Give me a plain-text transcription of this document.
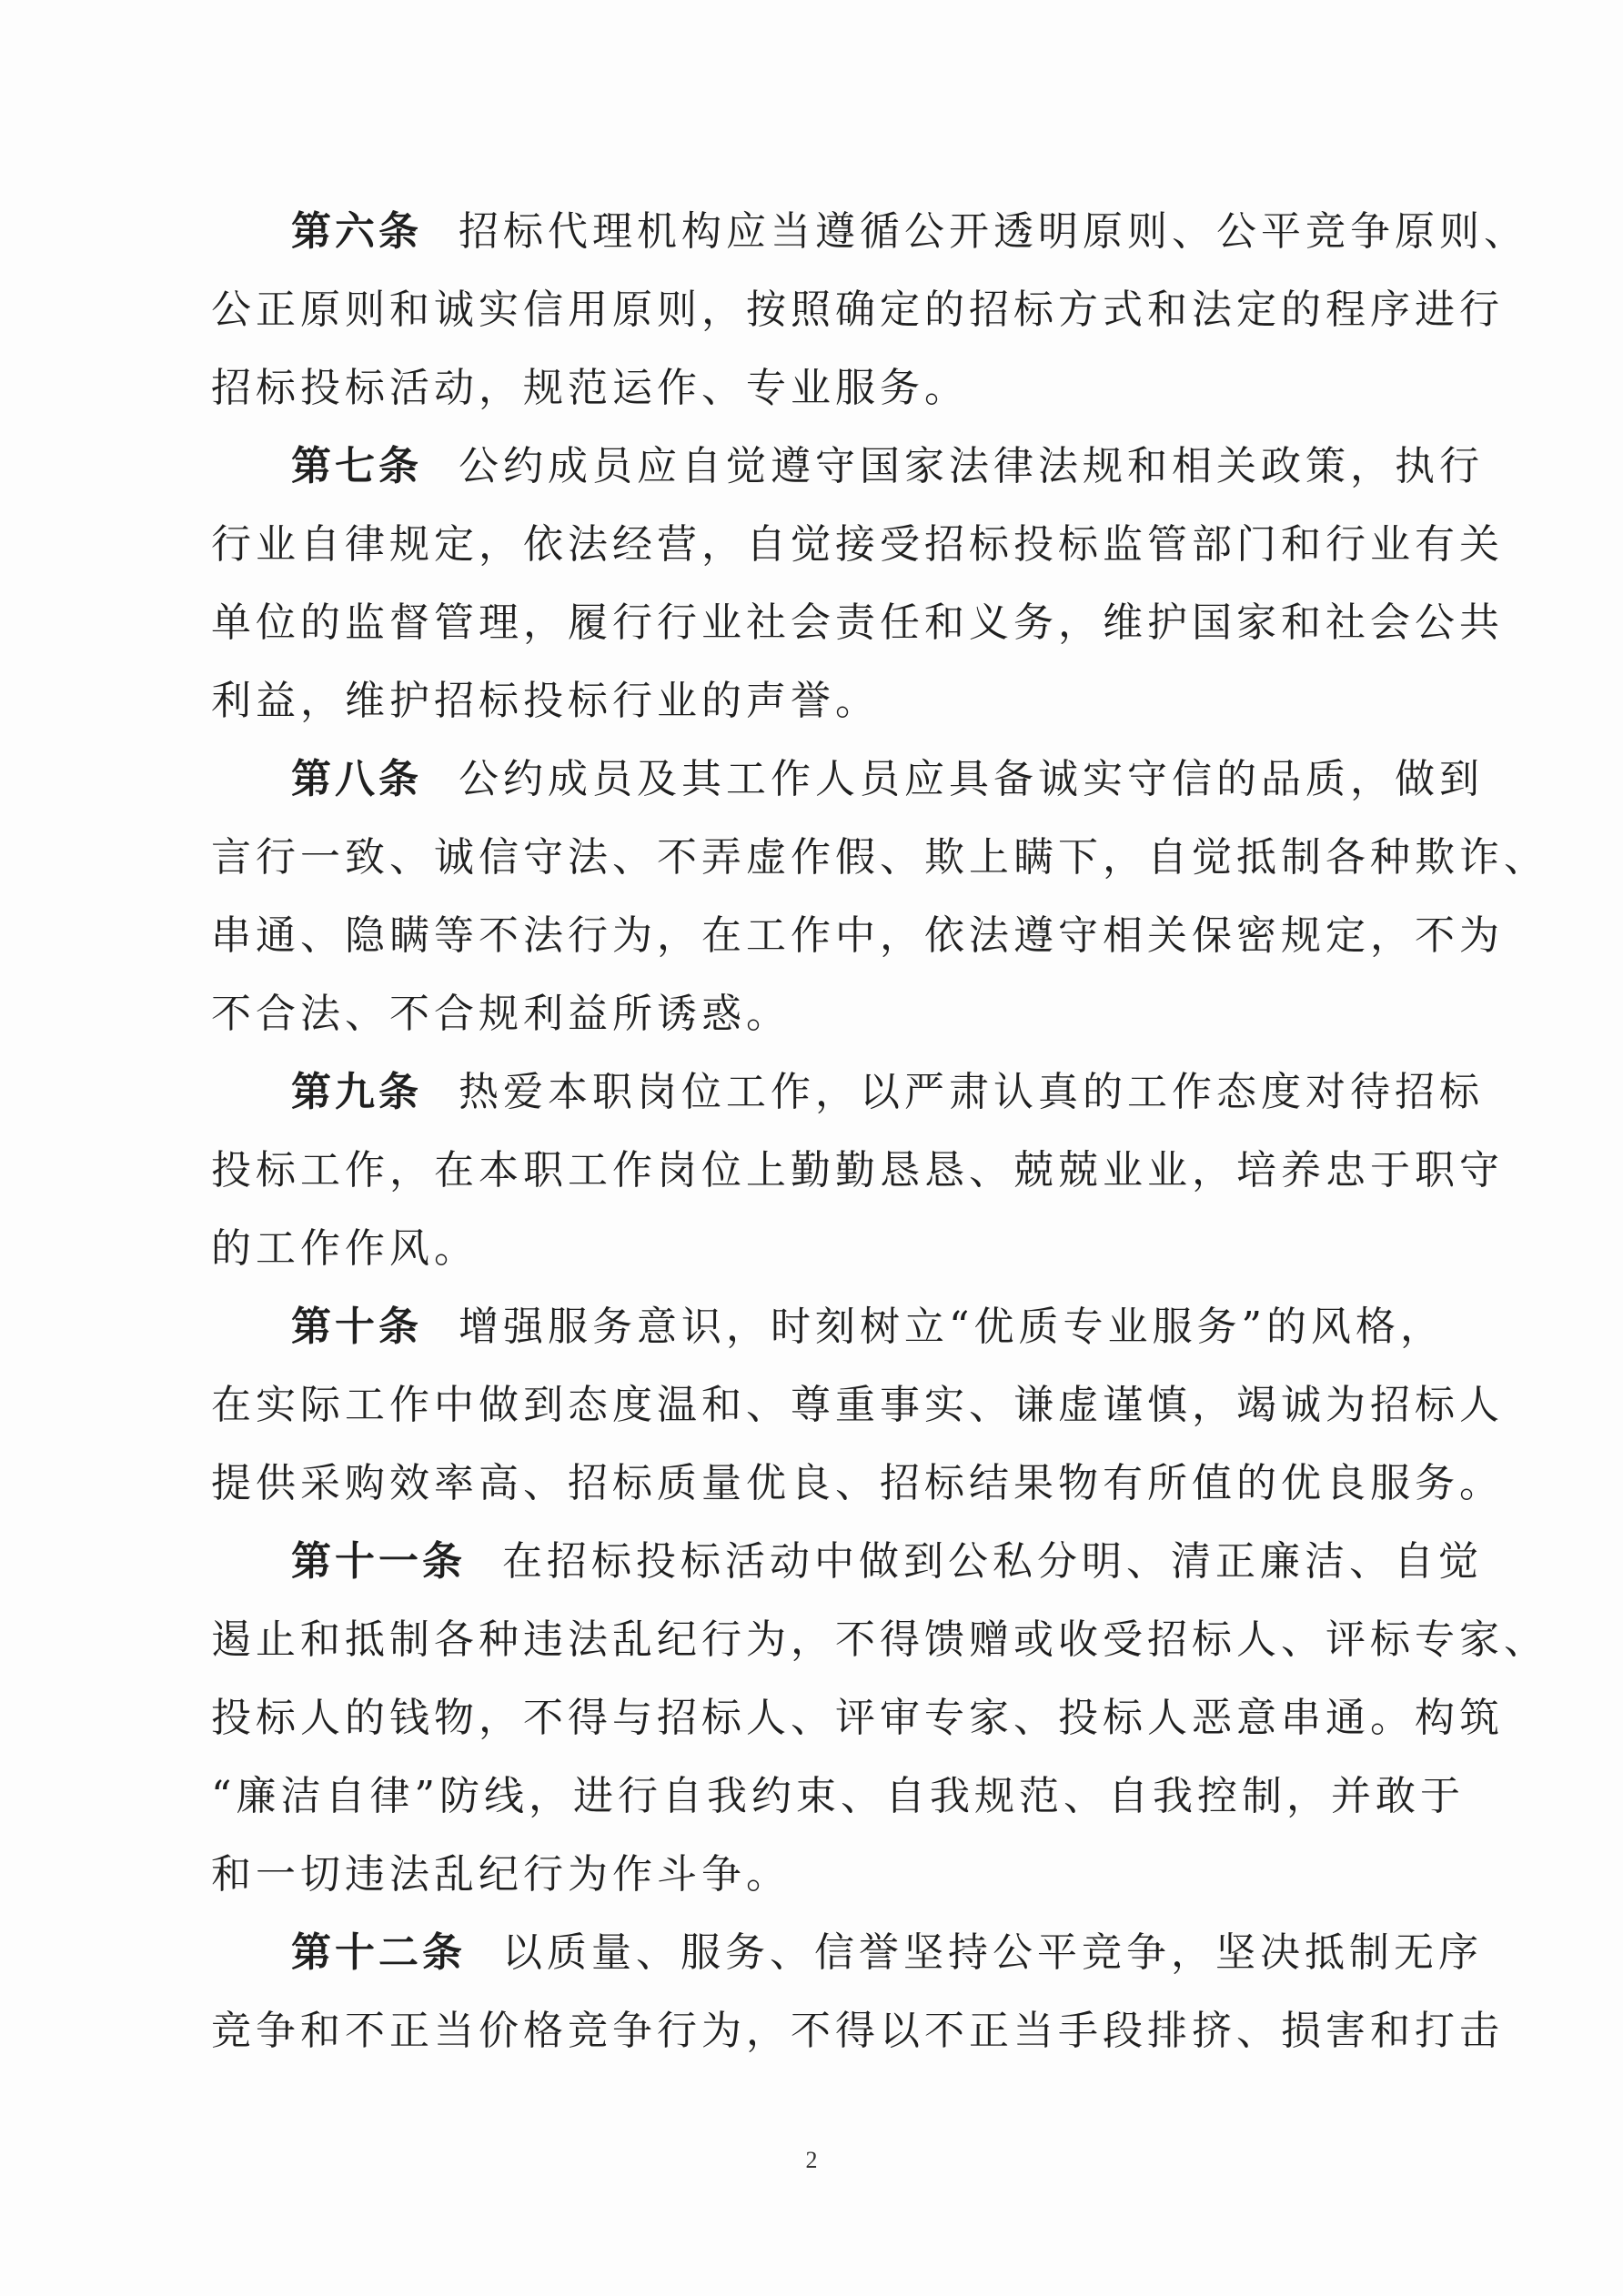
第六条 招标代理机构应当遵循公开透明原则、公平竞争原则、
公正原则和诚实信用原则，按照确定的招标方式和法定的程序进行
招标投标活动，规范运作、专业服务。
第七条 公约成员应自觉遵守国家法律法规和相关政策，执行
行业自律规定，依法经营，自觉接受招标投标监管部门和行业有关
单位的监督管理，履行行业社会责任和义务，维护国家和社会公共
利益，维护招标投标行业的声誉。
第八条 公约成员及其工作人员应具备诚实守信的品质，做到
言行一致、诚信守法、不弄虚作假、欺上瞒下，自觉抵制各种欺诈、
串通、隐瞒等不法行为，在工作中，依法遵守相关保密规定，不为
不合法、不合规利益所诱惑。
第九条 热爱本职岗位工作，以严肃认真的工作态度对待招标
投标工作，在本职工作岗位上勤勤恳恳、兢兢业业，培养忠于职守
的工作作风。
第十条 增强服务意识，时刻树立“优质专业服务”的风格，
在实际工作中做到态度温和、尊重事实、谦虚谨慎，竭诚为招标人
提供采购效率高、招标质量优良、招标结果物有所值的优良服务。
第十一条 在招标投标活动中做到公私分明、清正廉洁、自觉
遏止和抵制各种违法乱纪行为，不得馈赠或收受招标人、评标专家、
投标人的钱物，不得与招标人、评审专家、投标人恶意串通。构筑
“廉洁自律”防线，进行自我约束、自我规范、自我控制，并敢于
和一切违法乱纪行为作斗争。
第十二条 以质量、服务、信誉坚持公平竞争，坚决抵制无序
竞争和不正当价格竞争行为，不得以不正当手段排挤、损害和打击
2
